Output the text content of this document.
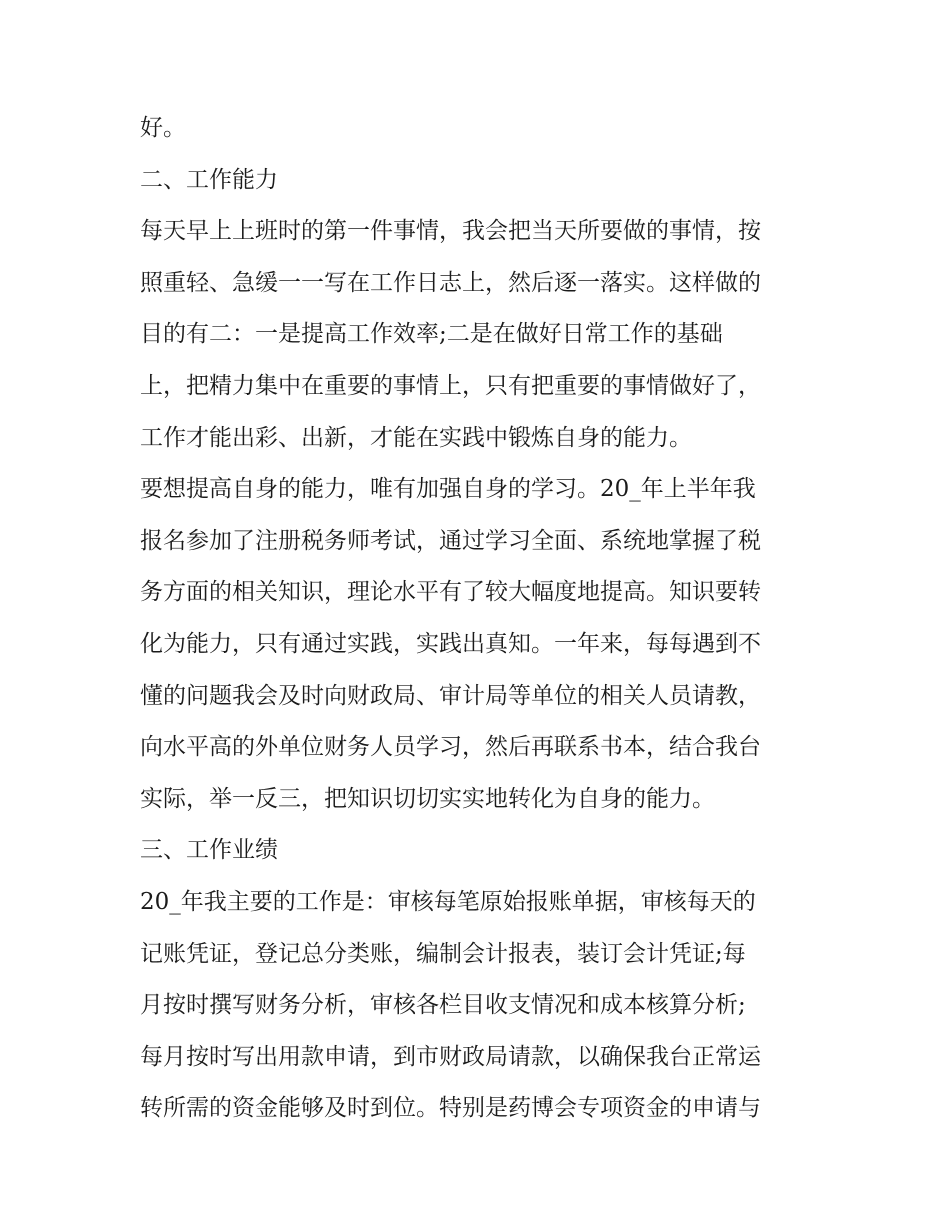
好。
二、工作能力
每天早上上班时的第一件事情，我会把当天所要做的事情，按
照重轻、急缓一一写在工作日志上，然后逐一落实。这样做的
目的有二：一是提高工作效率;二是在做好日常工作的基础
上，把精力集中在重要的事情上，只有把重要的事情做好了，
工作才能出彩、出新，才能在实践中锻炼自身的能力。
要想提高自身的能力，唯有加强自身的学习。20_年上半年我
报名参加了注册税务师考试，通过学习全面、系统地掌握了税
务方面的相关知识，理论水平有了较大幅度地提高。知识要转
化为能力，只有通过实践，实践出真知。一年来，每每遇到不
懂的问题我会及时向财政局、审计局等单位的相关人员请教，
向水平高的外单位财务人员学习，然后再联系书本，结合我台
实际，举一反三，把知识切切实实地转化为自身的能力。
三、工作业绩
20_年我主要的工作是：审核每笔原始报账单据，审核每天的
记账凭证，登记总分类账，编制会计报表，装订会计凭证;每
月按时撰写财务分析，审核各栏目收支情况和成本核算分析;
每月按时写出用款申请，到市财政局请款，以确保我台正常运
转所需的资金能够及时到位。特别是药博会专项资金的申请与
